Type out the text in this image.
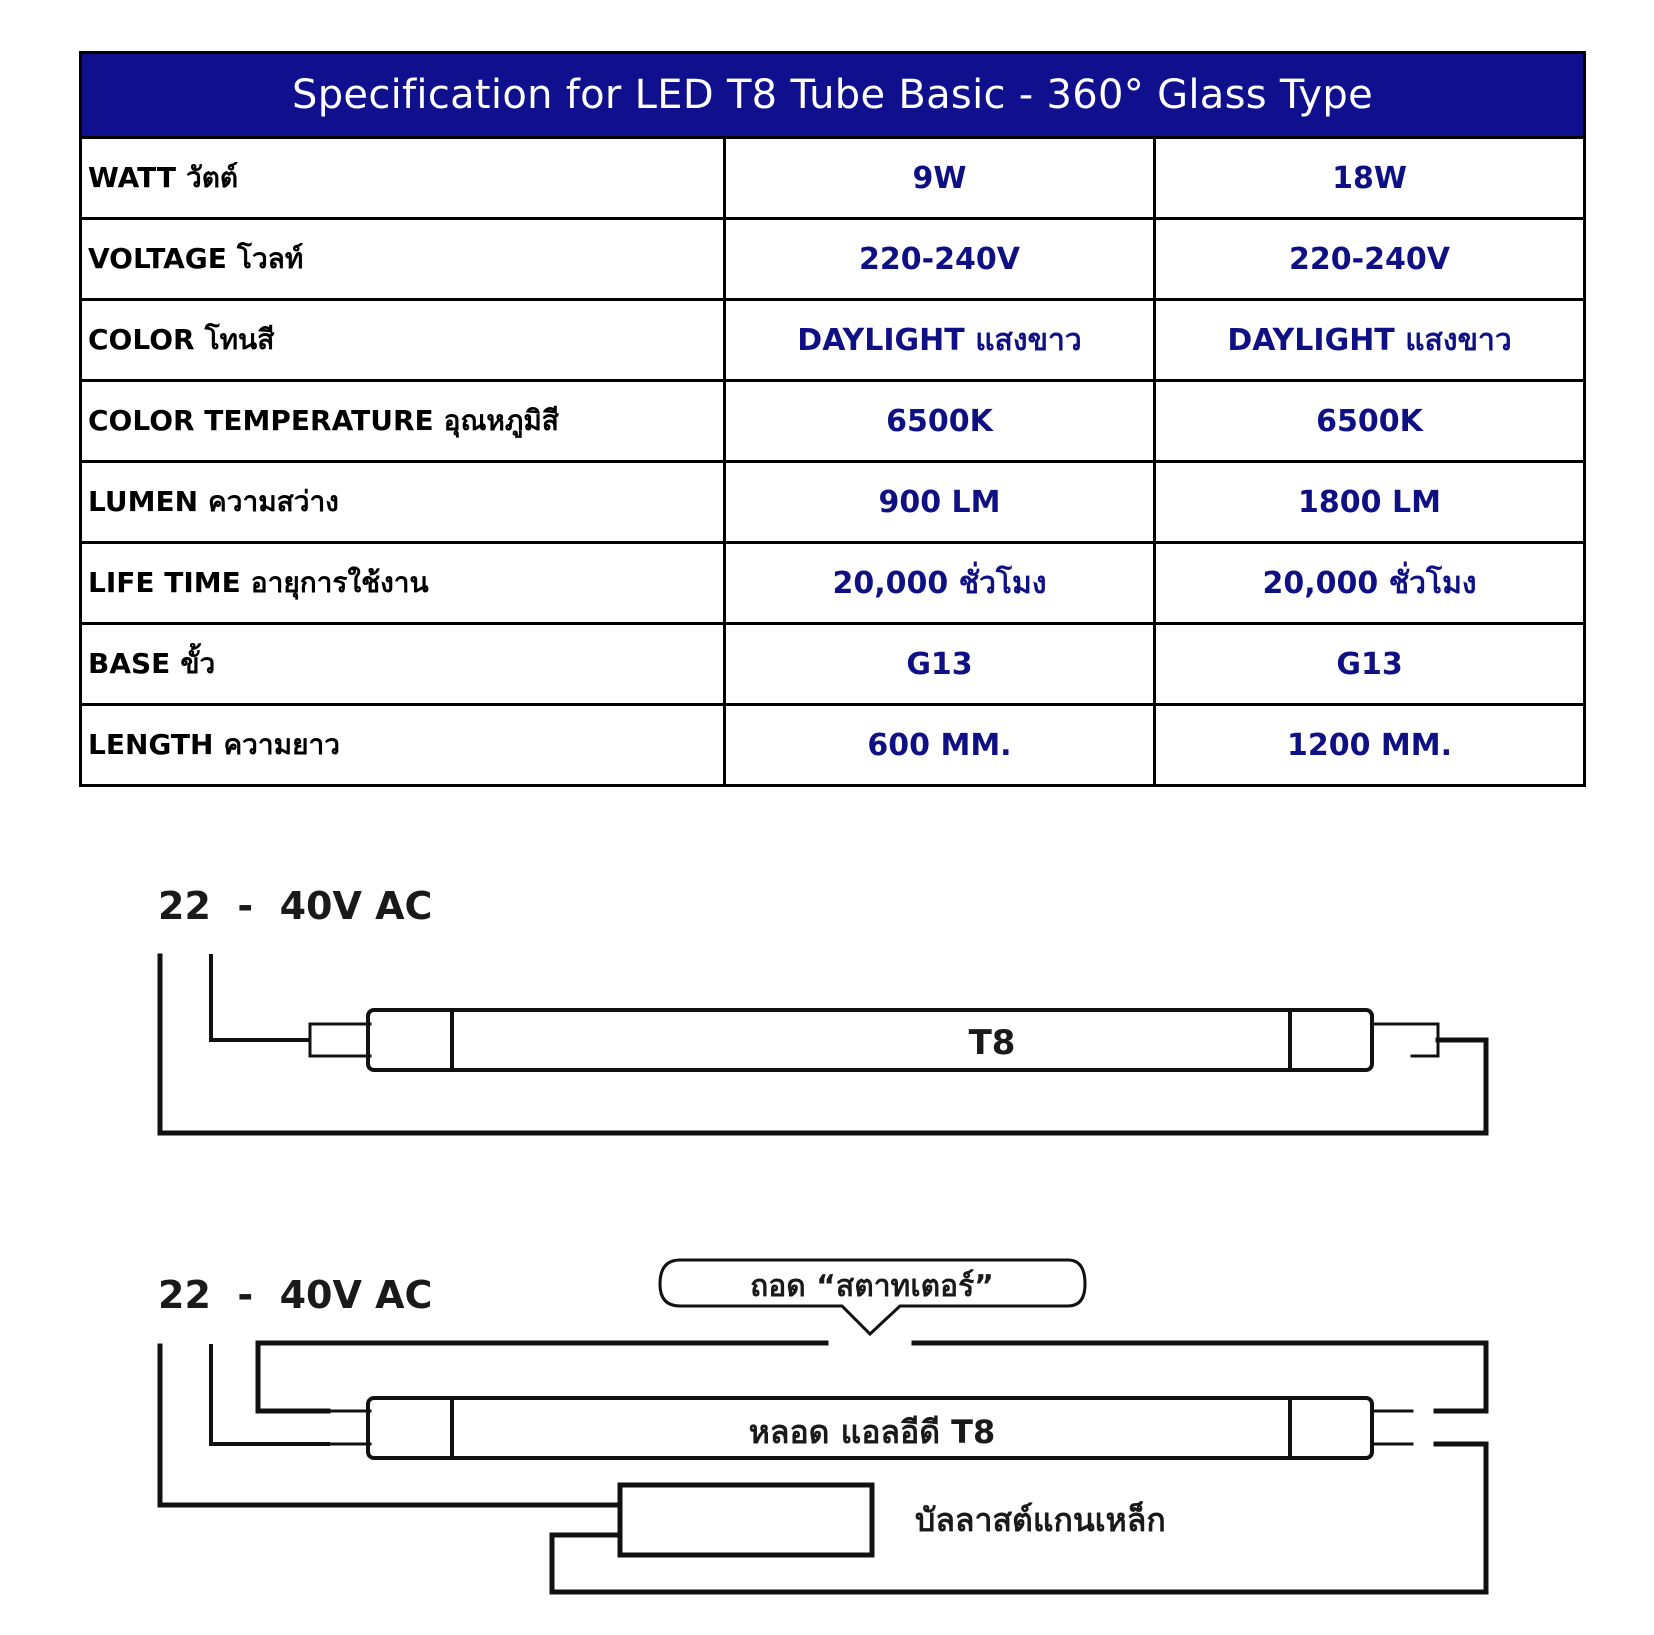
Specification for LED T8 Tube Basic - 360° Glass Type		
WATT วัตต์	9W	18W
VOLTAGE โวลท์	220-240V	220-240V
COLOR โทนสี	DAYLIGHT แสงขาว	DAYLIGHT แสงขาว
COLOR TEMPERATURE อุณหภูมิสี	6500K	6500K
LUMEN ความสว่าง	900 LM	1800 LM
LIFE TIME อายุการใช้งาน	20,000 ชั่วโมง	20,000 ชั่วโมง
BASE ขั้ว	G13	G13
LENGTH ความยาว	600 MM.	1200 MM.
22  -  40V AC
T8
22  -  40V AC	ถอด “สตาทเตอร์”
หลอด แอลอีดี T8
บัลลาสต์แกนเหล็ก
